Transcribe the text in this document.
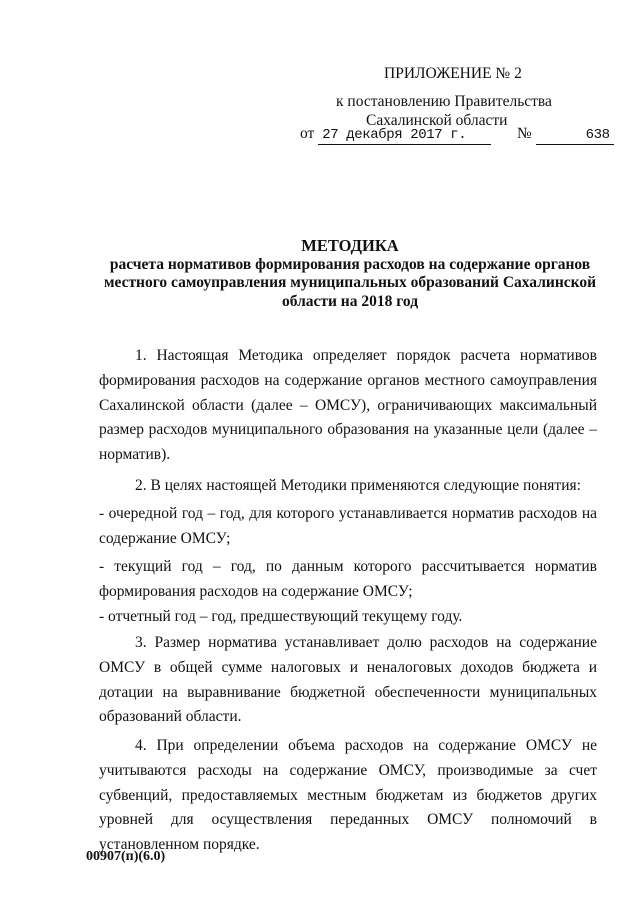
ПРИЛОЖЕНИЕ № 2
к постановлению Правительства
Сахалинской области
от 27 декабря 2017 г.	№	638
МЕТОДИКА
расчета нормативов формирования расходов на содержание органов
местного самоуправления муниципальных образований Сахалинской
области на 2018 год

1. Настоящая Методика определяет порядок расчета нормативов формирования расходов на содержание органов местного самоуправления Сахалинской области (далее – ОМСУ), ограничивающих максимальный размер расходов муниципального образования на указанные цели (далее – норматив).

2. В целях настоящей Методики применяются следующие понятия:

- очередной год – год, для которого устанавливается норматив расходов на содержание ОМСУ;

- текущий год – год, по данным которого рассчитывается норматив формирования расходов на содержание ОМСУ;

- отчетный год – год, предшествующий текущему году.

3. Размер норматива устанавливает долю расходов на содержание ОМСУ в общей сумме налоговых и неналоговых доходов бюджета и дотации на выравнивание бюджетной обеспеченности муниципальных образований области.

4. При определении объема расходов на содержание ОМСУ не учитываются расходы на содержание ОМСУ, производимые за счет субвенций, предоставляемых местным бюджетам из бюджетов других уровней для осуществления переданных ОМСУ полномочий в установленном порядке.

00907(п)(6.0)
